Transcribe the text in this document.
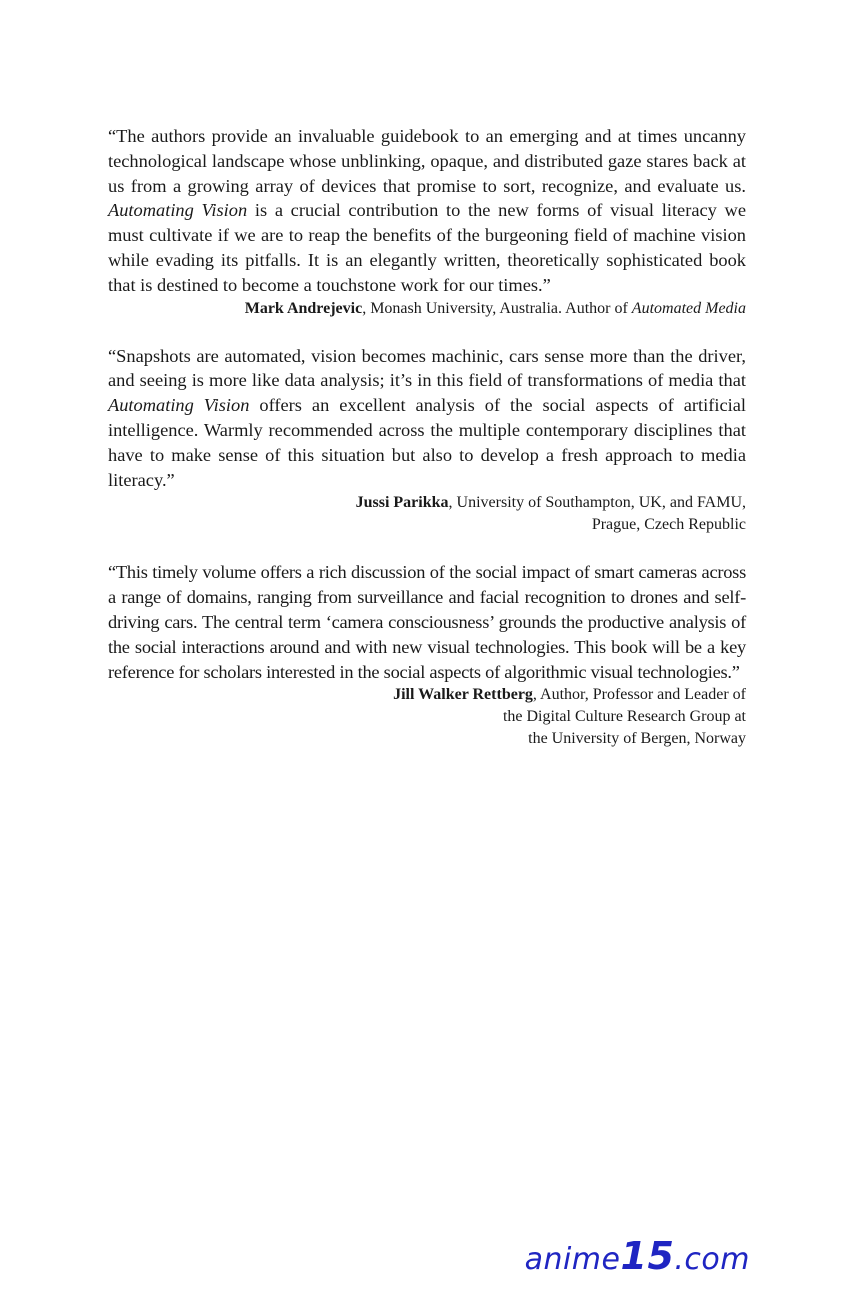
“The authors provide an invaluable guidebook to an emerging and at times uncanny technological landscape whose unblinking, opaque, and distributed gaze stares back at us from a growing array of devices that promise to sort, recognize, and evaluate us. Automating Vision is a crucial contribution to the new forms of visual literacy we must cultivate if we are to reap the benefits of the burgeoning field of machine vision while evading its pitfalls. It is an elegantly written, theoretically sophisticated book that is destined to become a touchstone work for our times.”

Mark Andrejevic, Monash University, Australia. Author of Automated Media

“Snapshots are automated, vision becomes machinic, cars sense more than the driver, and seeing is more like data analysis; it’s in this field of transformations of media that Automating Vision offers an excellent analysis of the social aspects of artificial intelligence. Warmly recommended across the multiple contemporary disciplines that have to make sense of this situation but also to develop a fresh approach to media literacy.”

Jussi Parikka, University of Southampton, UK, and FAMU,
Prague, Czech Republic

“This timely volume offers a rich discussion of the social impact of smart cameras across a range of domains, ranging from surveillance and facial recognition to drones and self-driving cars. The central term ‘camera consciousness’ grounds the productive analysis of the social interactions around and with new visual technologies. This book will be a key reference for scholars interested in the social aspects of algorithmic visual technologies.”

Jill Walker Rettberg, Author, Professor and Leader of
the Digital Culture Research Group at
the University of Bergen, Norway

anime15.com
